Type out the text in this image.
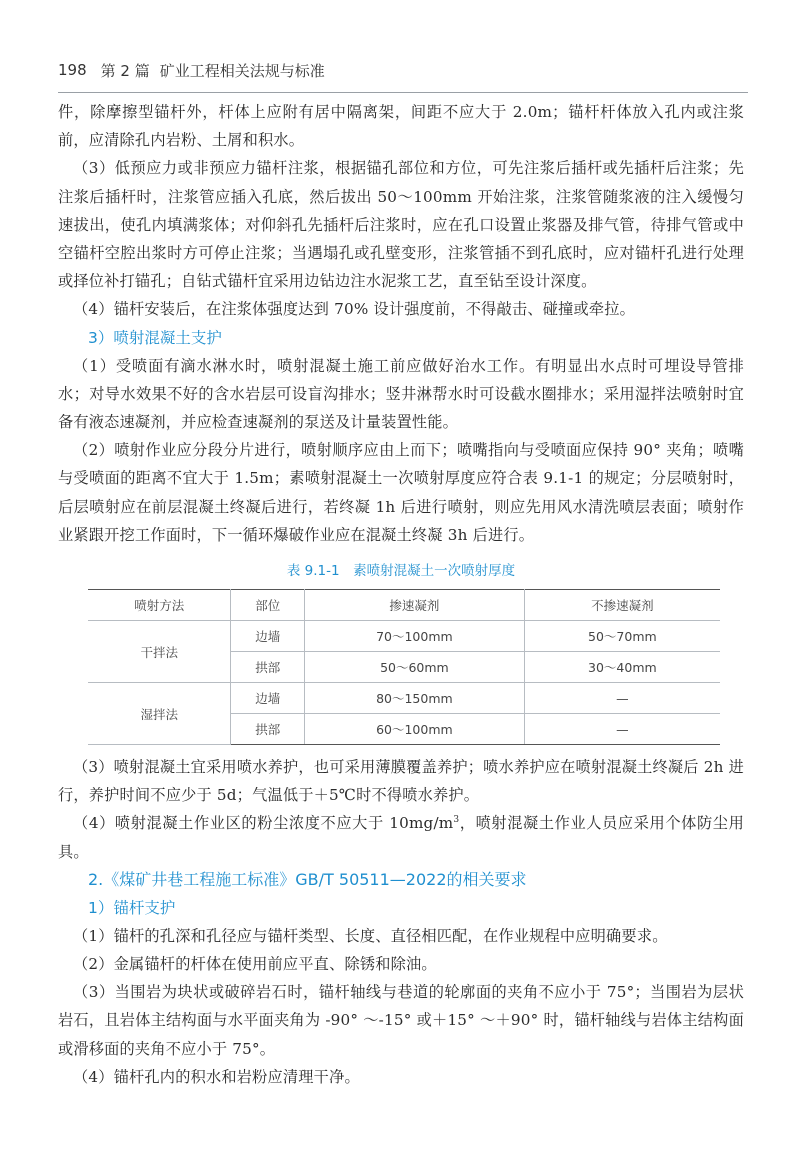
198 第 2 篇 矿业工程相关法规与标准

件，除摩擦型锚杆外，杆体上应附有居中隔离架，间距不应大于 2.0m；锚杆杆体放入孔内或注浆前，应清除孔内岩粉、土屑和积水。

（3）低预应力或非预应力锚杆注浆，根据锚孔部位和方位，可先注浆后插杆或先插杆后注浆；先注浆后插杆时，注浆管应插入孔底，然后拔出 50～100mm 开始注浆，注浆管随浆液的注入缓慢匀速拔出，使孔内填满浆体；对仰斜孔先插杆后注浆时，应在孔口设置止浆器及排气管，待排气管或中空锚杆空腔出浆时方可停止注浆；当遇塌孔或孔壁变形，注浆管插不到孔底时，应对锚杆孔进行处理或择位补打锚孔；自钻式锚杆宜采用边钻边注水泥浆工艺，直至钻至设计深度。

（4）锚杆安装后，在注浆体强度达到 70% 设计强度前，不得敲击、碰撞或牵拉。

3）喷射混凝土支护

（1）受喷面有滴水淋水时，喷射混凝土施工前应做好治水工作。有明显出水点时可埋设导管排水；对导水效果不好的含水岩层可设盲沟排水；竖井淋帮水时可设截水圈排水；采用湿拌法喷射时宜备有液态速凝剂，并应检查速凝剂的泵送及计量装置性能。

（2）喷射作业应分段分片进行，喷射顺序应由上而下；喷嘴指向与受喷面应保持 90° 夹角；喷嘴与受喷面的距离不宜大于 1.5m；素喷射混凝土一次喷射厚度应符合表 9.1-1 的规定；分层喷射时，后层喷射应在前层混凝土终凝后进行，若终凝 1h 后进行喷射，则应先用风水清洗喷层表面；喷射作业紧跟开挖工作面时，下一循环爆破作业应在混凝土终凝 3h 后进行。

表 9.1-1　素喷射混凝土一次喷射厚度
喷射方法	部位	掺速凝剂	不掺速凝剂
干拌法	边墙	70～100mm	50～70mm
	拱部	50～60mm	30～40mm
湿拌法	边墙	80～150mm	—
	拱部	60～100mm	—

（3）喷射混凝土宜采用喷水养护，也可采用薄膜覆盖养护；喷水养护应在喷射混凝土终凝后 2h 进行，养护时间不应少于 5d；气温低于＋5℃时不得喷水养护。

（4）喷射混凝土作业区的粉尘浓度不应大于 $10mg/m^3$，喷射混凝土作业人员应采用个体防尘用具。

2.《煤矿井巷工程施工标准》GB/T 50511—2022的相关要求

1）锚杆支护

（1）锚杆的孔深和孔径应与锚杆类型、长度、直径相匹配，在作业规程中应明确要求。

（2）金属锚杆的杆体在使用前应平直、除锈和除油。

（3）当围岩为块状或破碎岩石时，锚杆轴线与巷道的轮廓面的夹角不应小于 75°；当围岩为层状岩石，且岩体主结构面与水平面夹角为 -90° ～-15° 或＋15° ～＋90° 时，锚杆轴线与岩体主结构面或滑移面的夹角不应小于 75°。

（4）锚杆孔内的积水和岩粉应清理干净。
